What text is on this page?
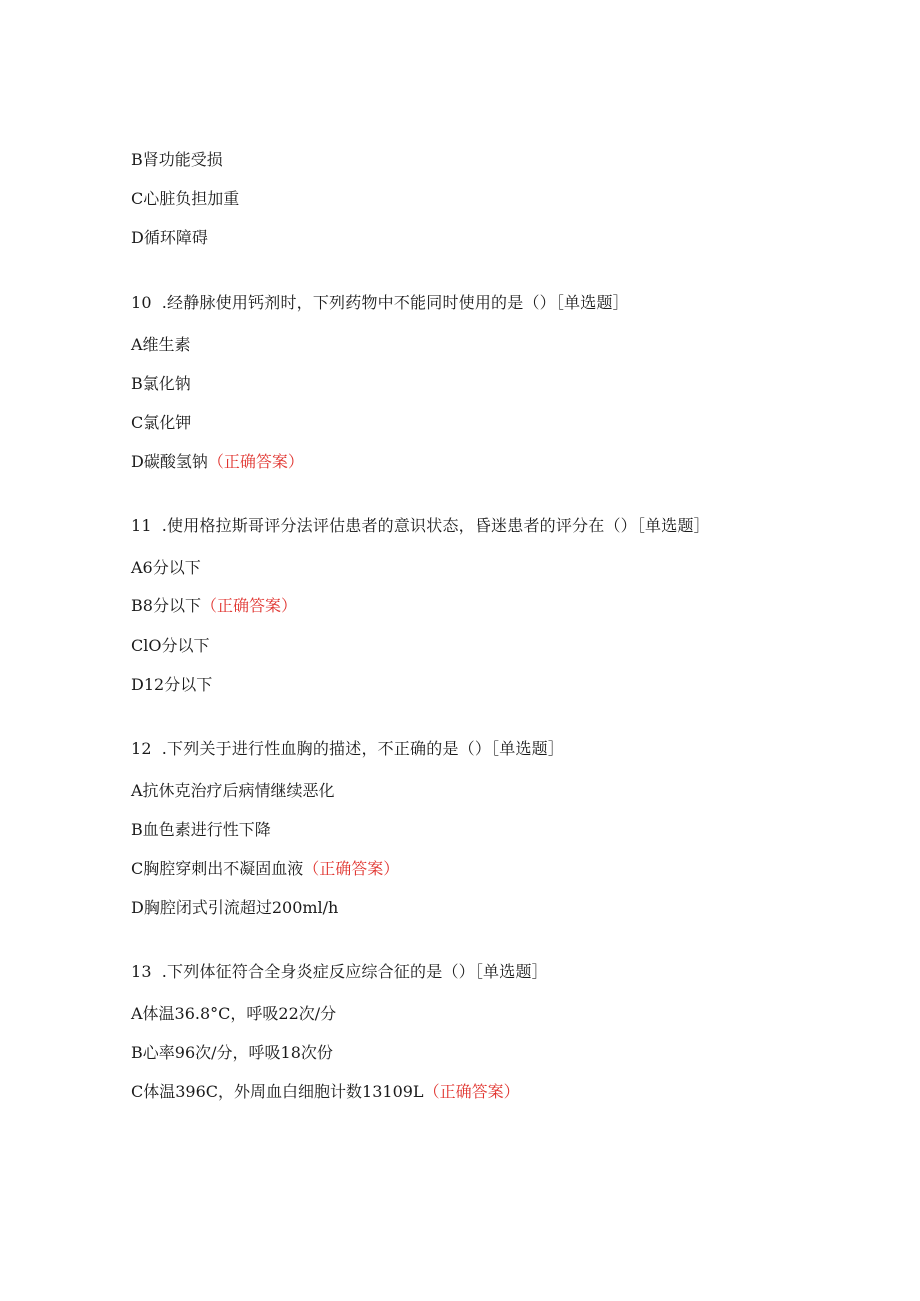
B肾功能受损
C心脏负担加重
D循环障碍
10 .经静脉使用钙剂时，下列药物中不能同时使用的是（）［单选题］
A维生素
B氯化钠
C氯化钾
D碳酸氢钠（正确答案）
11 .使用格拉斯哥评分法评估患者的意识状态，昏迷患者的评分在（）［单选题］
A6分以下
B8分以下（正确答案）
ClO分以下
D12分以下
12 .下列关于进行性血胸的描述，不正确的是（）［单选题］
A抗休克治疗后病情继续恶化
B血色素进行性下降
C胸腔穿刺出不凝固血液（正确答案）
D胸腔闭式引流超过200ml/h
13 .下列体征符合全身炎症反应综合征的是（）［单选题］
A体温36.8°C，呼吸22次/分
B心率96次/分，呼吸18次份
C体温396C，外周血白细胞计数13109L（正确答案）
